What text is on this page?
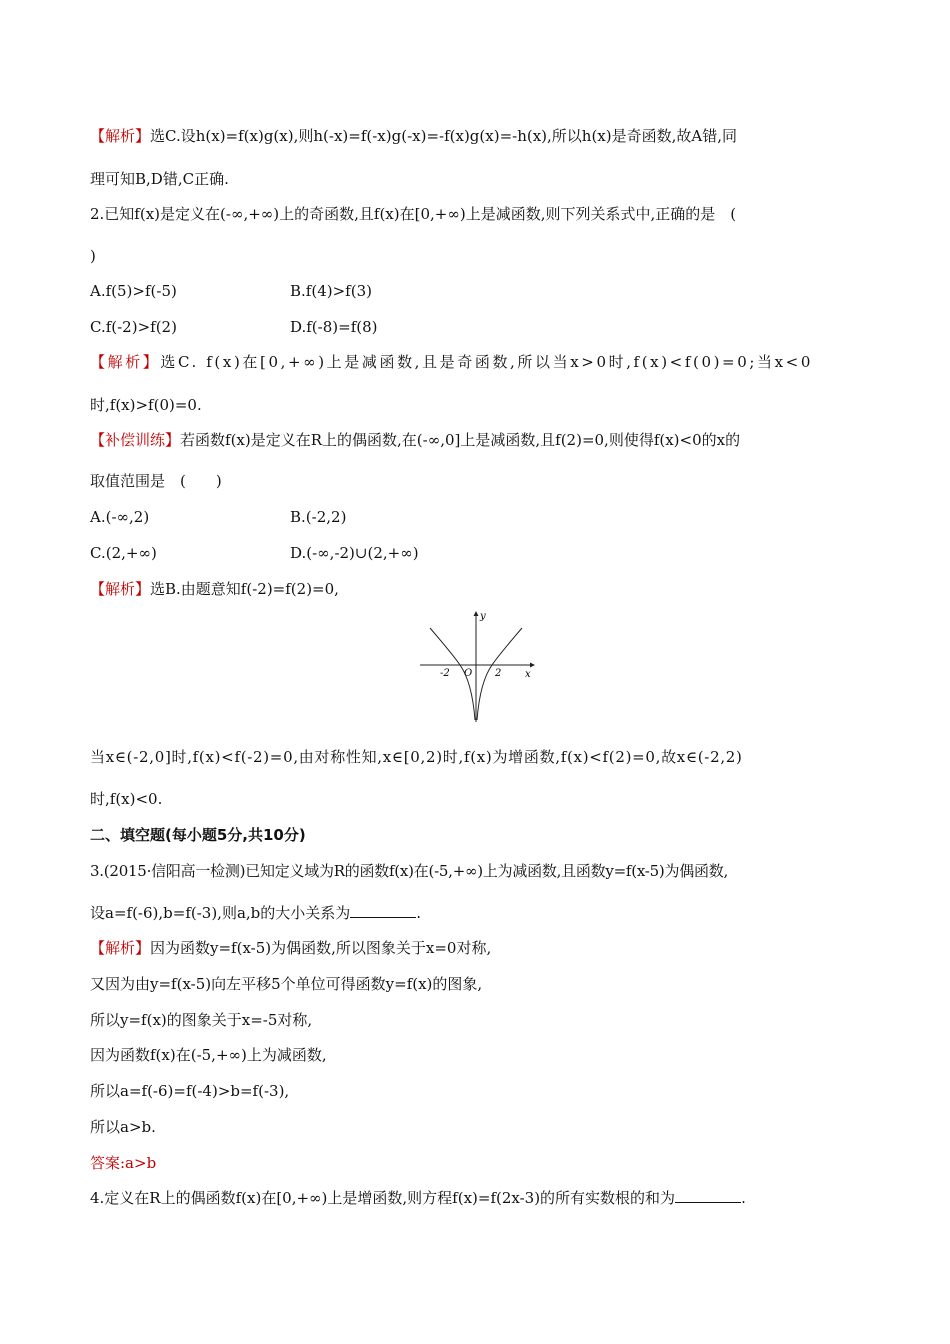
【解析】选C.设h(x)=f(x)g(x),则h(-x)=f(-x)g(-x)=-f(x)g(x)=-h(x),所以h(x)是奇函数,故A错,同
理可知B,D错,C正确.
2.已知f(x)是定义在(-∞,+∞)上的奇函数,且f(x)在[0,+∞)上是减函数,则下列关系式中,正确的是　(
)
A.f(5)>f(-5)	B.f(4)>f(3)
C.f(-2)>f(2)	D.f(-8)=f(8)
【解析】选C. f(x)在[0,+∞)上是减函数,且是奇函数,所以当x>0时,f(x)<f(0)=0;当x<0
时,f(x)>f(0)=0.
【补偿训练】若函数f(x)是定义在R上的偶函数,在(-∞,0]上是减函数,且f(2)=0,则使得f(x)<0的x的
取值范围是　(　　)
A.(-∞,2)	B.(-2,2)
C.(2,+∞)	D.(-∞,-2)∪(2,+∞)
【解析】选B.由题意知f(-2)=f(2)=0,
y
x
O
-2	2
当x∈(-2,0]时,f(x)<f(-2)=0,由对称性知,x∈[0,2)时,f(x)为增函数,f(x)<f(2)=0,故x∈(-2,2)
时,f(x)<0.
二、填空题(每小题5分,共10分)
3.(2015·信阳高一检测)已知定义域为R的函数f(x)在(-5,+∞)上为减函数,且函数y=f(x-5)为偶函数,
设a=f(-6),b=f(-3),则a,b的大小关系为	.
【解析】因为函数y=f(x-5)为偶函数,所以图象关于x=0对称,
又因为由y=f(x-5)向左平移5个单位可得函数y=f(x)的图象,
所以y=f(x)的图象关于x=-5对称,
因为函数f(x)在(-5,+∞)上为减函数,
所以a=f(-6)=f(-4)>b=f(-3),
所以a>b.
答案:a>b
4.定义在R上的偶函数f(x)在[0,+∞)上是增函数,则方程f(x)=f(2x-3)的所有实数根的和为	.
